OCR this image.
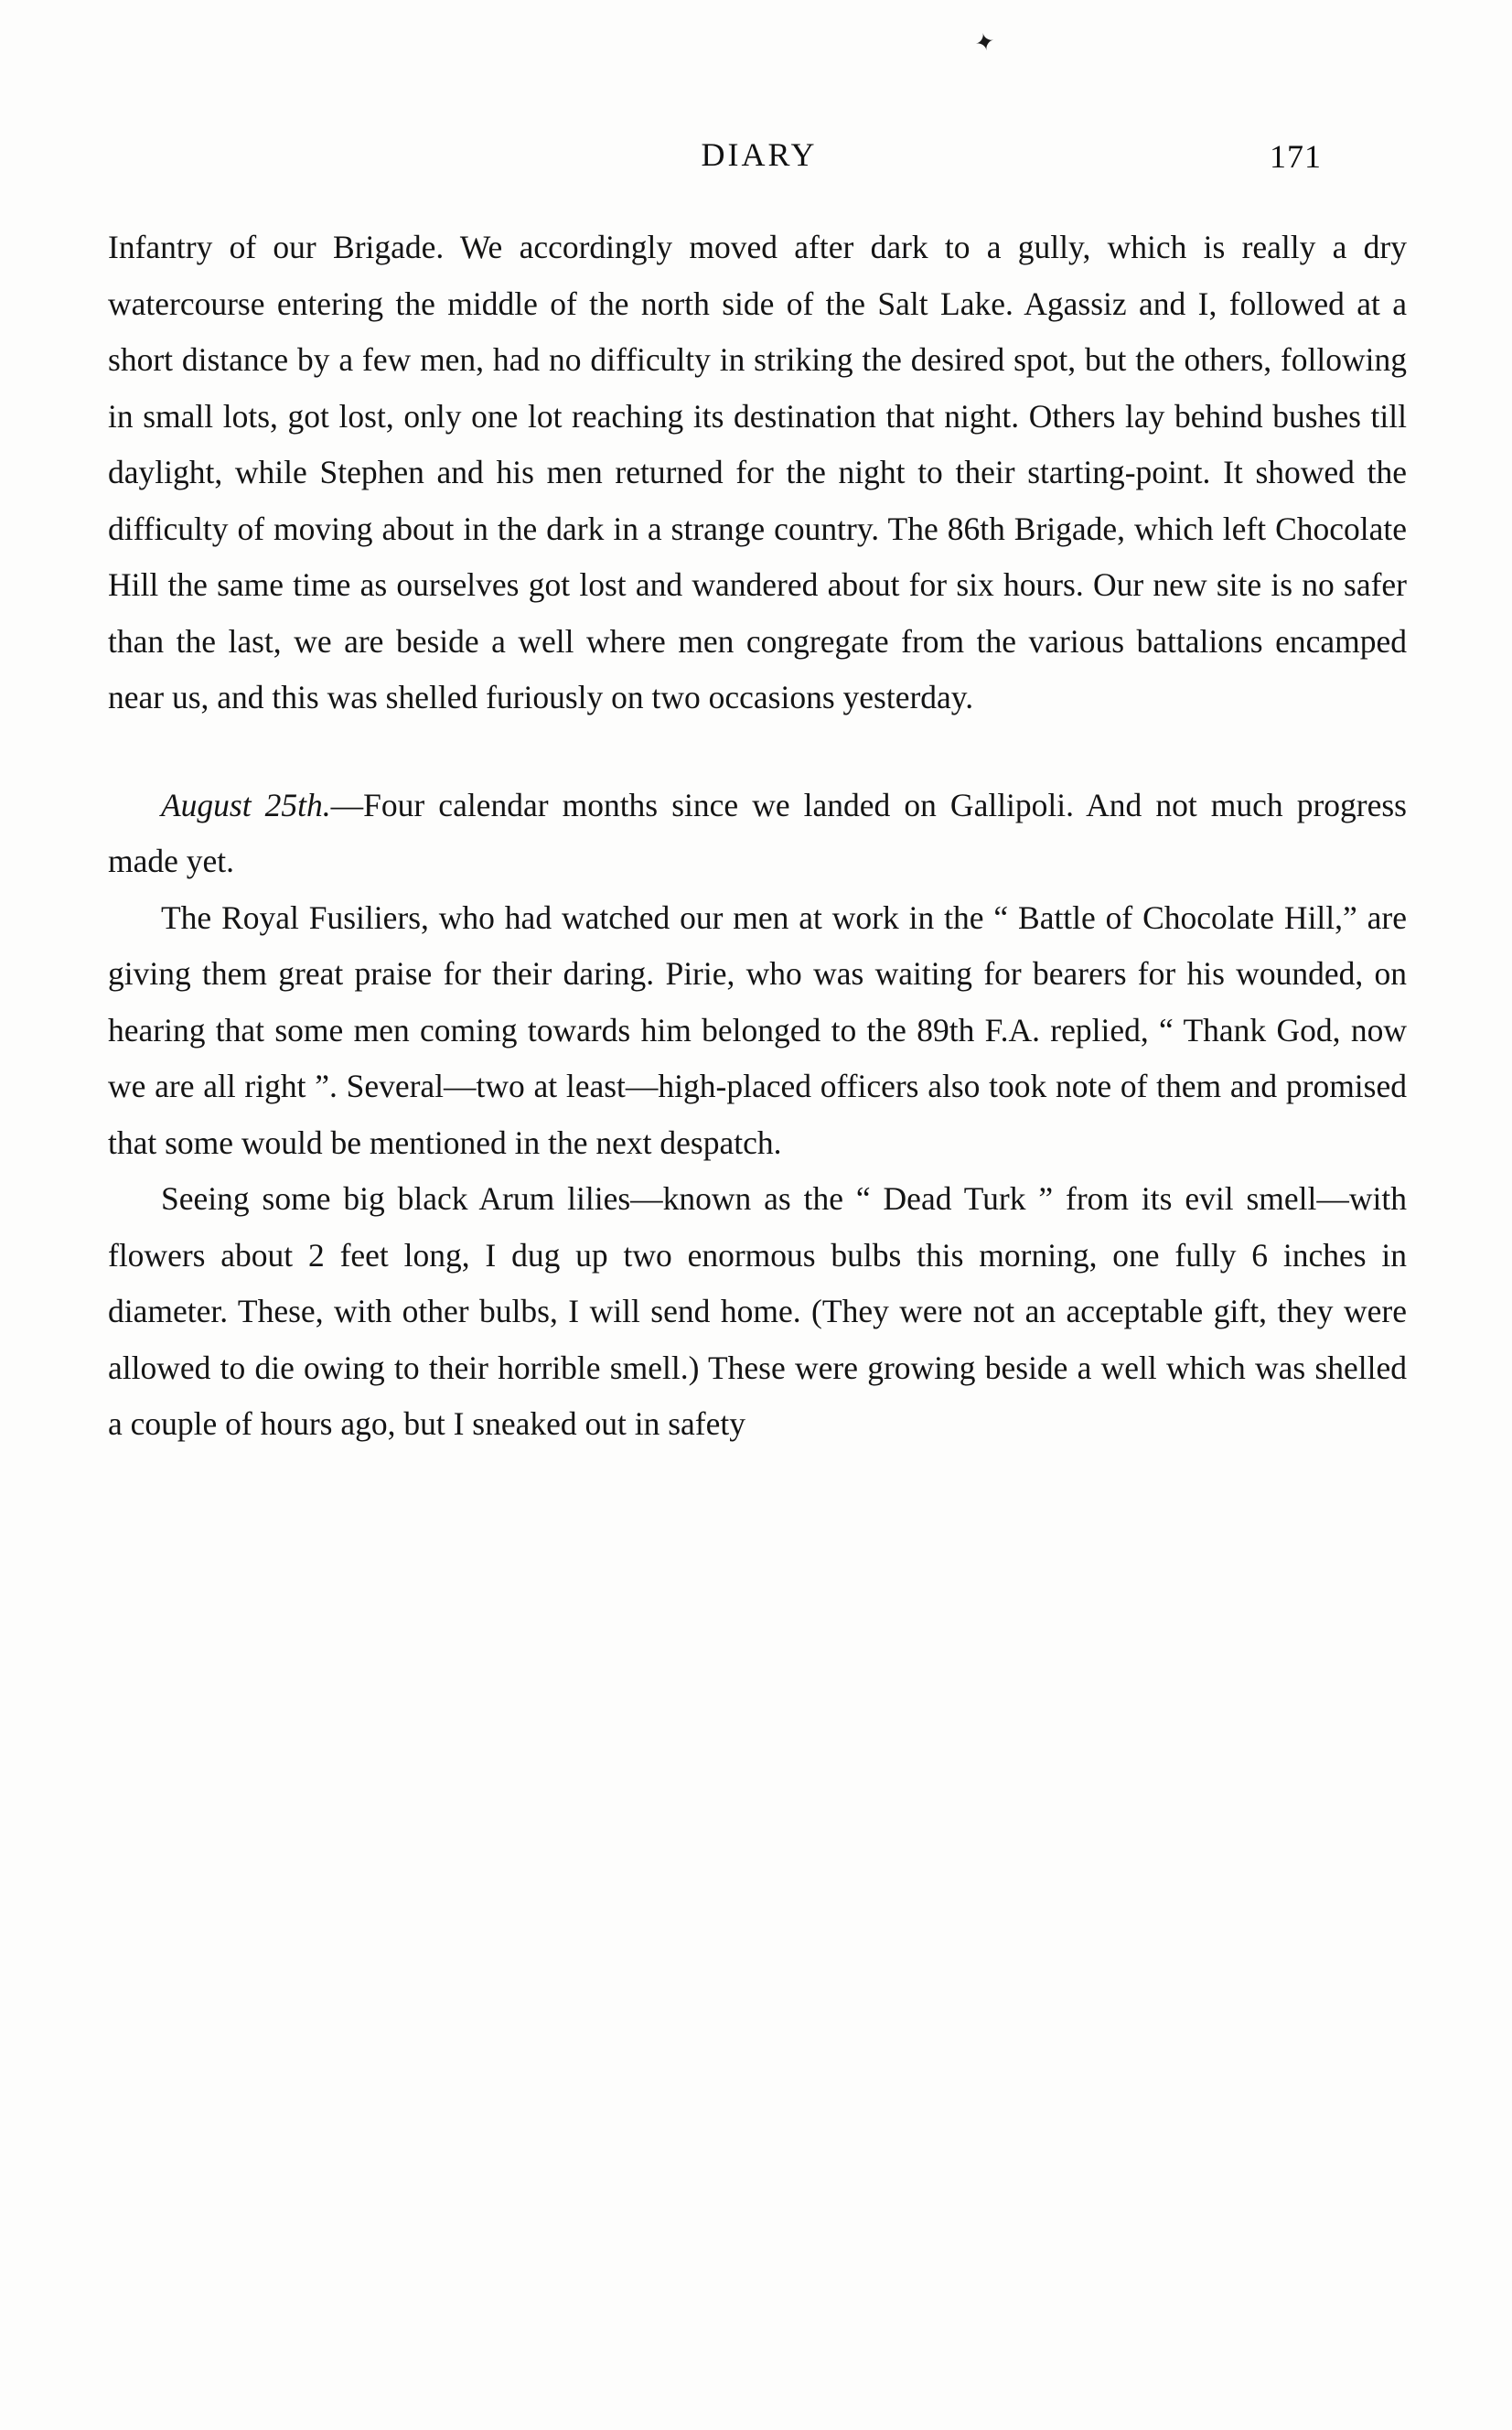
✦
DIARY	171

Infantry of our Brigade. We accordingly moved after dark to a gully, which is really a dry watercourse entering the middle of the north side of the Salt Lake. Agassiz and I, followed at a short distance by a few men, had no difficulty in striking the desired spot, but the others, following in small lots, got lost, only one lot reaching its destination that night. Others lay behind bushes till daylight, while Stephen and his men returned for the night to their starting-point. It showed the difficulty of moving about in the dark in a strange country. The 86th Brigade, which left Chocolate Hill the same time as ourselves got lost and wandered about for six hours. Our new site is no safer than the last, we are beside a well where men congregate from the various battalions encamped near us, and this was shelled furiously on two occasions yesterday.

August 25th.—Four calendar months since we landed on Gallipoli. And not much progress made yet.

The Royal Fusiliers, who had watched our men at work in the “ Battle of Chocolate Hill,” are giving them great praise for their daring. Pirie, who was waiting for bearers for his wounded, on hearing that some men coming towards him belonged to the 89th F.A. replied, “ Thank God, now we are all right ”. Several—two at least—high-placed officers also took note of them and promised that some would be mentioned in the next despatch.

Seeing some big black Arum lilies—known as the “ Dead Turk ” from its evil smell—with flowers about 2 feet long, I dug up two enormous bulbs this morning, one fully 6 inches in diameter. These, with other bulbs, I will send home. (They were not an acceptable gift, they were allowed to die owing to their horrible smell.) These were growing beside a well which was shelled a couple of hours ago, but I sneaked out in safety
